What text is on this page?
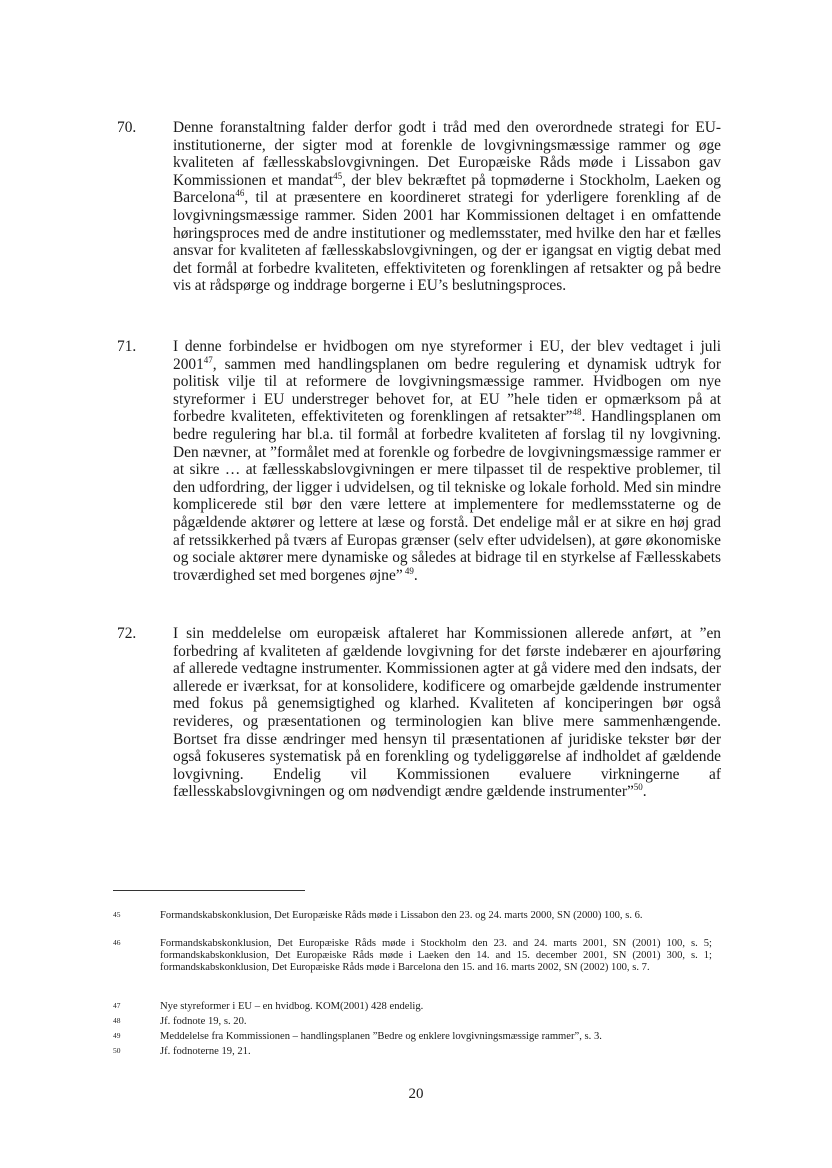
70. Denne foranstaltning falder derfor godt i tråd med den overordnede strategi for EU-institutionerne, der sigter mod at forenkle de lovgivningsmæssige rammer og øge kvaliteten af fællesskabslovgivningen. Det Europæiske Råds møde i Lissabon gav Kommissionen et mandat$^{45}$, der blev bekræftet på topmøderne i Stockholm, Laeken og Barcelona$^{46}$, til at præsentere en koordineret strategi for yderligere forenkling af de lovgivningsmæssige rammer. Siden 2001 har Kommissionen deltaget i en omfattende høringsproces med de andre institutioner og medlemsstater, med hvilke den har et fælles ansvar for kvaliteten af fællesskabslovgivningen, og der er igangsat en vigtig debat med det formål at forbedre kvaliteten, effektiviteten og forenklingen af retsakter og på bedre vis at rådspørge og inddrage borgerne i EU’s beslutningsproces.
71. I denne forbindelse er hvidbogen om nye styreformer i EU, der blev vedtaget i juli 2001$^{47}$, sammen med handlingsplanen om bedre regulering et dynamisk udtryk for politisk vilje til at reformere de lovgivningsmæssige rammer. Hvidbogen om nye styreformer i EU understreger behovet for, at EU ”hele tiden er opmærksom på at forbedre kvaliteten, effektiviteten og forenklingen af retsakter”$^{48}$. Handlingsplanen om bedre regulering har bl.a. til formål at forbedre kvaliteten af forslag til ny lovgivning. Den nævner, at ”formålet med at forenkle og forbedre de lovgivningsmæssige rammer er at sikre … at fællesskabslovgivningen er mere tilpasset til de respektive problemer, til den udfordring, der ligger i udvidelsen, og til tekniske og lokale forhold. Med sin mindre komplicerede stil bør den være lettere at implementere for medlemsstaterne og de pågældende aktører og lettere at læse og forstå. Det endelige mål er at sikre en høj grad af retssikkerhed på tværs af Europas grænser (selv efter udvidelsen), at gøre økonomiske og sociale aktører mere dynamiske og således at bidrage til en styrkelse af Fællesskabets troværdighed set med borgenes øjne” $^{49}$.
72. I sin meddelelse om europæisk aftaleret har Kommissionen allerede anført, at ”en forbedring af kvaliteten af gældende lovgivning for det første indebærer en ajourføring af allerede vedtagne instrumenter. Kommissionen agter at gå videre med den indsats, der allerede er iværksat, for at konsolidere, kodificere og omarbejde gældende instrumenter med fokus på genemsigtighed og klarhed. Kvaliteten af konciperingen bør også revideres, og præsentationen og terminologien kan blive mere sammenhængende. Bortset fra disse ændringer med hensyn til præsentationen af juridiske tekster bør der også fokuseres systematisk på en forenkling og tydeliggørelse af indholdet af gældende lovgivning. Endelig vil Kommissionen evaluere virkningerne af fællesskabslovgivningen og om nødvendigt ændre gældende instrumenter”$^{50}$.
45	Formandskabskonklusion, Det Europæiske Råds møde i Lissabon den 23. og 24. marts 2000, SN (2000) 100, s. 6.
46	Formandskabskonklusion, Det Europæiske Råds møde i Stockholm den 23. and 24. marts 2001, SN (2001) 100, s. 5; formandskabskonklusion, Det Europæiske Råds møde i Laeken den 14. and 15. december 2001, SN (2001) 300, s. 1; formandskabskonklusion, Det Europæiske Råds møde i Barcelona den 15. and 16. marts 2002, SN (2002) 100, s. 7.
47	Nye styreformer i EU – en hvidbog. KOM(2001) 428 endelig.
48	Jf. fodnote 19, s. 20.
49	Meddelelse fra Kommissionen – handlingsplanen ”Bedre og enklere lovgivningsmæssige rammer”, s. 3.
50	Jf. fodnoterne 19, 21.
20
